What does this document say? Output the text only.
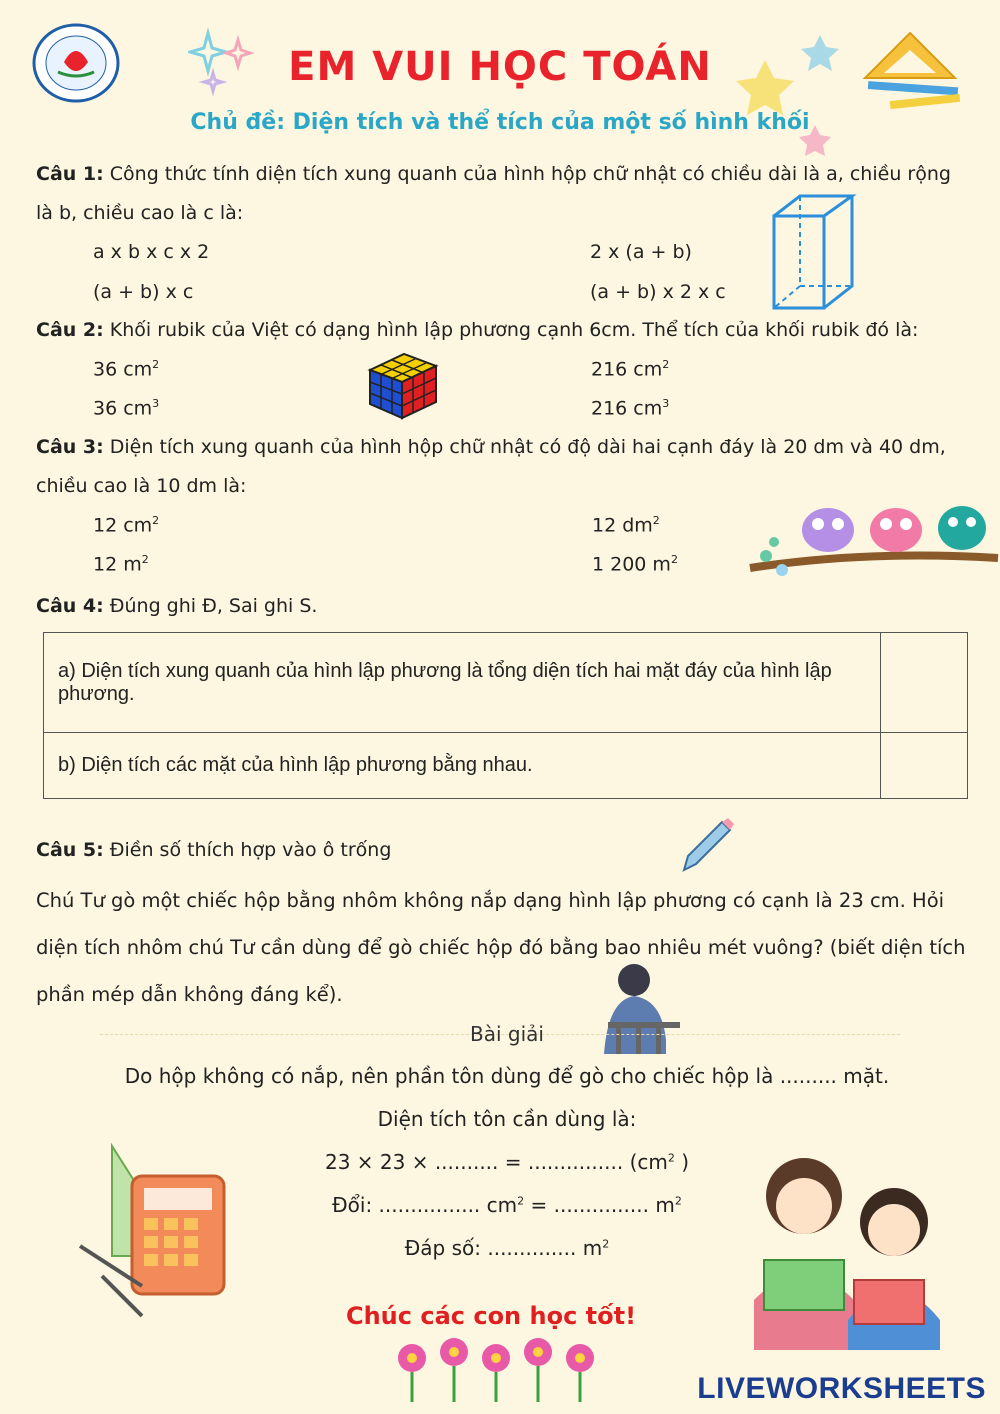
EM VUI HỌC TOÁN
Chủ đề: Diện tích và thể tích của một số hình khối
Câu 1: Công thức tính diện tích xung quanh của hình hộp chữ nhật có chiều dài là a, chiều rộng là b, chiều cao là c là:
a x b x c x 2	2 x (a + b)
(a + b) x c	(a + b) x 2 x c
Câu 2: Khối rubik của Việt có dạng hình lập phương cạnh 6cm. Thể tích của khối rubik đó là:
36 $cm^2$	216 $cm^2$
36 $cm^3$	216 $cm^3$
Câu 3: Diện tích xung quanh của hình hộp chữ nhật có độ dài hai cạnh đáy là 20 dm và 40 dm, chiều cao là 10 dm là:
12 $cm^2$	12 $dm^2$
12 $m^2$	1 200 $m^2$
Câu 4: Đúng ghi Đ, Sai ghi S.
a) Diện tích xung quanh của hình lập phương là tổng diện tích hai mặt đáy của hình lập phương.	
b) Diện tích các mặt của hình lập phương bằng nhau.	
Câu 5: Điền số thích hợp vào ô trống
Chú Tư gò một chiếc hộp bằng nhôm không nắp dạng hình lập phương có cạnh là 23 cm. Hỏi diện tích nhôm chú Tư cần dùng để gò chiếc hộp đó bằng bao nhiêu mét vuông? (biết diện tích phần mép dẫn không đáng kể).
Bài giải
Do hộp không có nắp, nên phần tôn dùng để gò cho chiếc hộp là ......... mặt.
Diện tích tôn cần dùng là:
23 × 23 × .......... = ............... ($cm^2$ )
Đổi: ................ $cm^2$ = ............... $m^2$
Đáp số: .............. $m^2$
Chúc các con học tốt!
LIVEWORKSHEETS
